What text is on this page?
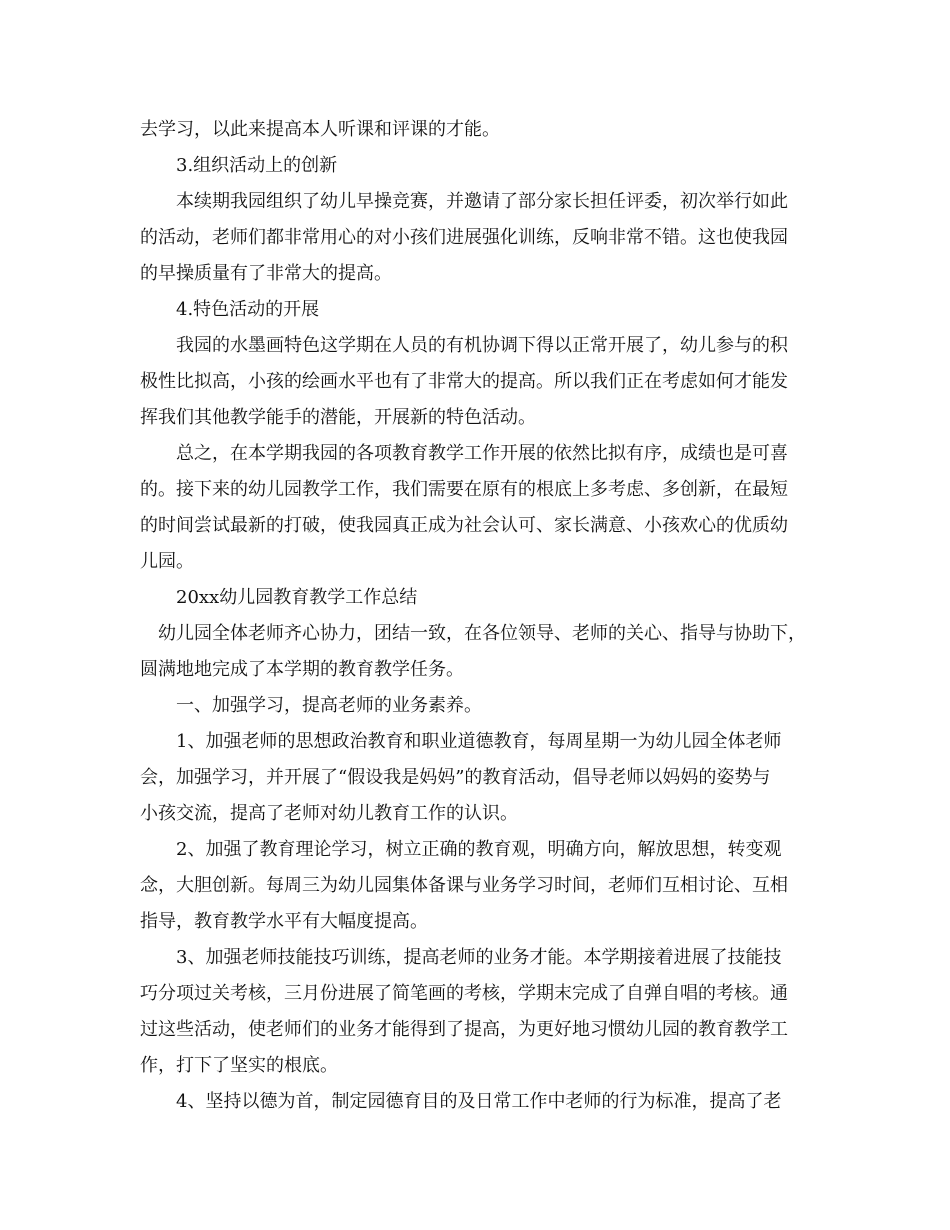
去学习，以此来提高本人听课和评课的才能。
3.组织活动上的创新
本续期我园组织了幼儿早操竞赛，并邀请了部分家长担任评委，初次举行如此
的活动，老师们都非常用心的对小孩们进展强化训练，反响非常不错。这也使我园
的早操质量有了非常大的提高。
4.特色活动的开展
我园的水墨画特色这学期在人员的有机协调下得以正常开展了，幼儿参与的积
极性比拟高，小孩的绘画水平也有了非常大的提高。所以我们正在考虑如何才能发
挥我们其他教学能手的潜能，开展新的特色活动。
总之，在本学期我园的各项教育教学工作开展的依然比拟有序，成绩也是可喜
的。接下来的幼儿园教学工作，我们需要在原有的根底上多考虑、多创新，在最短
的时间尝试最新的打破，使我园真正成为社会认可、家长满意、小孩欢心的优质幼
儿园。
20xx幼儿园教育教学工作总结
幼儿园全体老师齐心协力，团结一致，在各位领导、老师的关心、指导与协助下，
圆满地地完成了本学期的教育教学任务。
一、加强学习，提高老师的业务素养。
1、加强老师的思想政治教育和职业道德教育，每周星期一为幼儿园全体老师
会，加强学习，并开展了“假设我是妈妈”的教育活动，倡导老师以妈妈的姿势与
小孩交流，提高了老师对幼儿教育工作的认识。
2、加强了教育理论学习，树立正确的教育观，明确方向，解放思想，转变观
念，大胆创新。每周三为幼儿园集体备课与业务学习时间，老师们互相讨论、互相
指导，教育教学水平有大幅度提高。
3、加强老师技能技巧训练，提高老师的业务才能。本学期接着进展了技能技
巧分项过关考核，三月份进展了简笔画的考核，学期末完成了自弹自唱的考核。通
过这些活动，使老师们的业务才能得到了提高，为更好地习惯幼儿园的教育教学工
作，打下了坚实的根底。
4、坚持以德为首，制定园德育目的及日常工作中老师的行为标准，提高了老
